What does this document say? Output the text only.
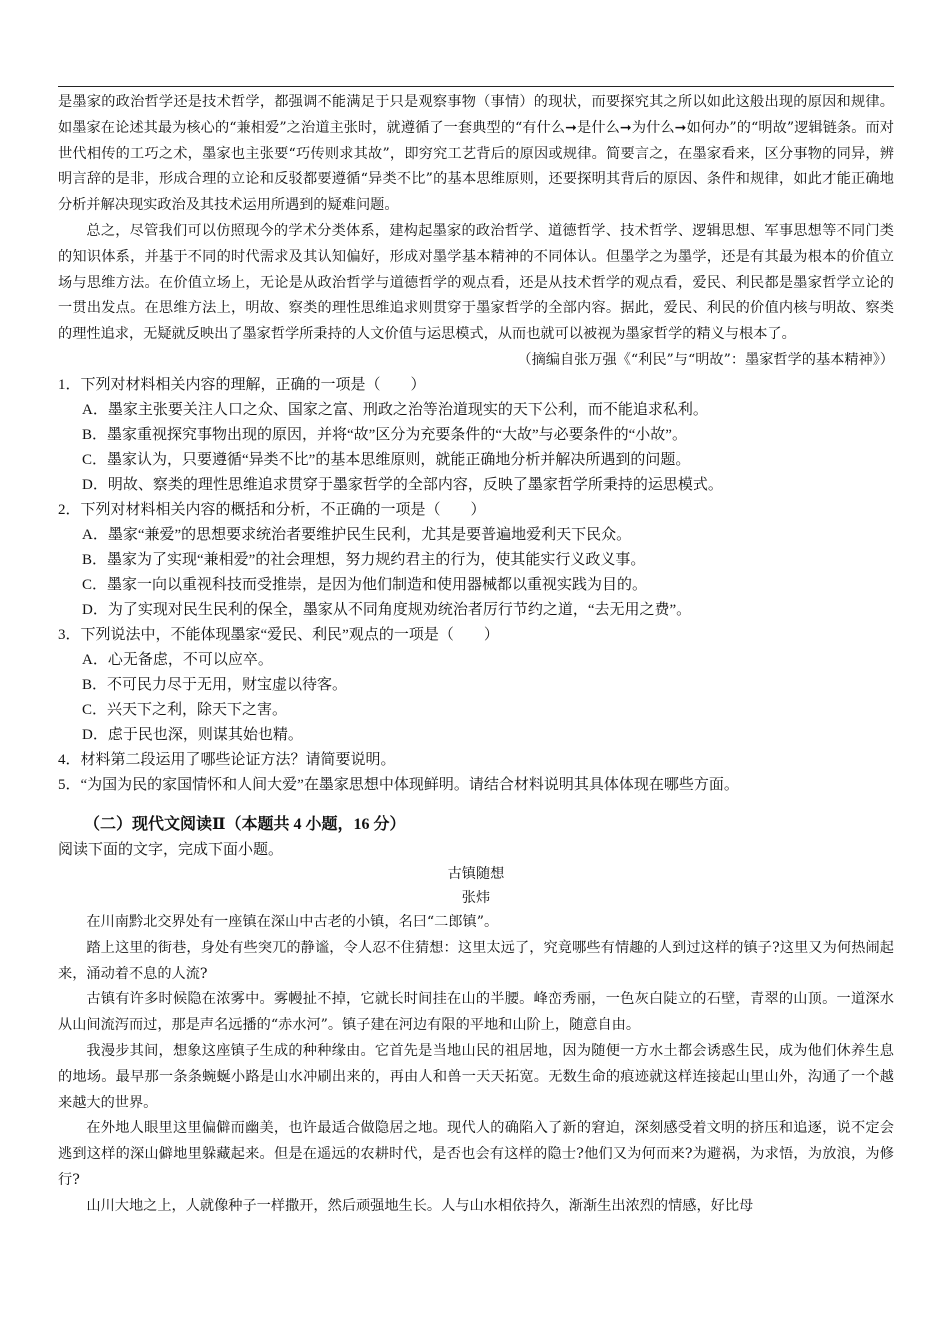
是墨家的政治哲学还是技术哲学，都强调不能满足于只是观察事物（事情）的现状，而要探究其之所以如此这般出现的原因和规律。如墨家在论述其最为核心的“兼相爱”之治道主张时，就遵循了一套典型的“有什么➞是什么➞为什么➞如何办”的“明故”逻辑链条。而对世代相传的工巧之术，墨家也主张要“巧传则求其故”，即穷究工艺背后的原因或规律。简要言之，在墨家看来，区分事物的同异，辨明言辞的是非，形成合理的立论和反驳都要遵循“异类不比”的基本思维原则，还要探明其背后的原因、条件和规律，如此才能正确地分析并解决现实政治及其技术运用所遇到的疑难问题。

总之，尽管我们可以仿照现今的学术分类体系，建构起墨家的政治哲学、道德哲学、技术哲学、逻辑思想、军事思想等不同门类的知识体系，并基于不同的时代需求及其认知偏好，形成对墨学基本精神的不同体认。但墨学之为墨学，还是有其最为根本的价值立场与思维方法。在价值立场上，无论是从政治哲学与道德哲学的观点看，还是从技术哲学的观点看，爱民、利民都是墨家哲学立论的一贯出发点。在思维方法上，明故、察类的理性思维追求则贯穿于墨家哲学的全部内容。据此，爱民、利民的价值内核与明故、察类的理性追求，无疑就反映出了墨家哲学所秉持的人文价值与运思模式，从而也就可以被视为墨家哲学的精义与根本了。

（摘编自张万强《“利民”与“明故”：墨家哲学的基本精神》）

1．下列对材料相关内容的理解，正确的一项是（　　）

A．墨家主张要关注人口之众、国家之富、刑政之治等治道现实的天下公利，而不能追求私利。

B．墨家重视探究事物出现的原因，并将“故”区分为充要条件的“大故”与必要条件的“小故”。

C．墨家认为，只要遵循“异类不比”的基本思维原则，就能正确地分析并解决所遇到的问题。

D．明故、察类的理性思维追求贯穿于墨家哲学的全部内容，反映了墨家哲学所秉持的运思模式。

2．下列对材料相关内容的概括和分析，不正确的一项是（　　）

A．墨家“兼爱”的思想要求统治者要维护民生民利，尤其是要普遍地爱利天下民众。

B．墨家为了实现“兼相爱”的社会理想，努力规约君主的行为，使其能实行义政义事。

C．墨家一向以重视科技而受推崇，是因为他们制造和使用器械都以重视实践为目的。

D．为了实现对民生民利的保全，墨家从不同角度规劝统治者厉行节约之道，“去无用之费”。

3．下列说法中，不能体现墨家“爱民、利民”观点的一项是（　　）

A．心无备虑，不可以应卒。

B．不可民力尽于无用，财宝虚以待客。

C．兴天下之利，除天下之害。

D．虑于民也深，则谋其始也精。

4．材料第二段运用了哪些论证方法？请简要说明。

5．“为国为民的家国情怀和人间大爱”在墨家思想中体现鲜明。请结合材料说明其具体体现在哪些方面。

（二）现代文阅读Ⅱ（本题共 4 小题，16 分）

阅读下面的文字，完成下面小题。

古镇随想

张炜

在川南黔北交界处有一座镇在深山中古老的小镇，名曰“二郎镇”。

踏上这里的街巷，身处有些突兀的静谧，令人忍不住猜想：这里太远了，究竟哪些有情趣的人到过这样的镇子?这里又为何热闹起来，涌动着不息的人流?

古镇有许多时候隐在浓雾中。雾幔扯不掉，它就长时间挂在山的半腰。峰峦秀丽，一色灰白陡立的石壁，青翠的山顶。一道深水从山间流泻而过，那是声名远播的“赤水河”。镇子建在河边有限的平地和山阶上，随意自由。

我漫步其间，想象这座镇子生成的种种缘由。它首先是当地山民的祖居地，因为随便一方水土都会诱惑生民，成为他们休养生息的地场。最早那一条条蜿蜒小路是山水冲刷出来的，再由人和兽一天天拓宽。无数生命的痕迹就这样连接起山里山外，沟通了一个越来越大的世界。

在外地人眼里这里偏僻而幽美，也许最适合做隐居之地。现代人的确陷入了新的窘迫，深刻感受着文明的挤压和追逐，说不定会逃到这样的深山僻地里躲藏起来。但是在遥远的农耕时代，是否也会有这样的隐士?他们又为何而来?为避祸，为求悟，为放浪，为修行?

山川大地之上，人就像种子一样撒开，然后顽强地生长。人与山水相依持久，渐渐生出浓烈的情感，好比母
